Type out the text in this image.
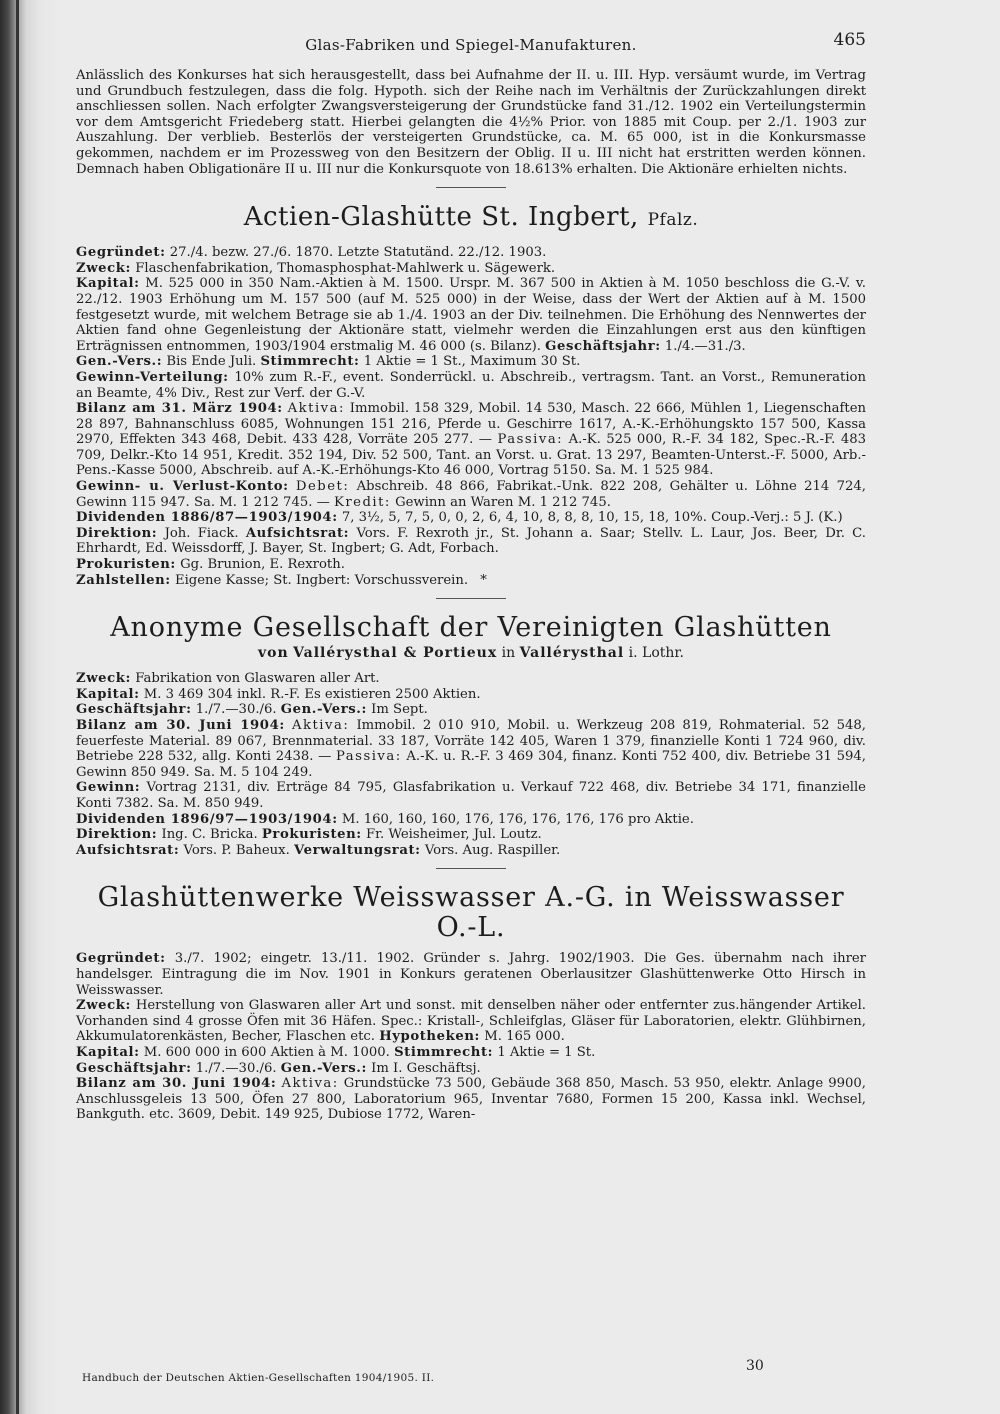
Glas-Fabriken und Spiegel-Manufakturen.	465

Anlässlich des Konkurses hat sich herausgestellt, dass bei Aufnahme der II. u. III. Hyp. versäumt wurde, im Vertrag und Grundbuch festzulegen, dass die folg. Hypoth. sich der Reihe nach im Verhältnis der Zurückzahlungen direkt anschliessen sollen. Nach erfolgter Zwangsversteigerung der Grundstücke fand 31./12. 1902 ein Verteilungstermin vor dem Amtsgericht Friedeberg statt. Hierbei gelangten die 4½% Prior. von 1885 mit Coup. per 2./1. 1903 zur Auszahlung. Der verblieb. Besterlös der versteigerten Grundstücke, ca. M. 65 000, ist in die Konkursmasse gekommen, nachdem er im Prozessweg von den Besitzern der Oblig. II u. III nicht hat erstritten werden können. Demnach haben Obligationäre II u. III nur die Konkursquote von 18.613% erhalten. Die Aktionäre erhielten nichts.

Actien-Glashütte St. Ingbert, Pfalz.

Gegründet: 27./4. bezw. 27./6. 1870. Letzte Statutänd. 22./12. 1903.

Zweck: Flaschenfabrikation, Thomasphosphat-Mahlwerk u. Sägewerk.

Kapital: M. 525 000 in 350 Nam.-Aktien à M. 1500. Urspr. M. 367 500 in Aktien à M. 1050 beschloss die G.-V. v. 22./12. 1903 Erhöhung um M. 157 500 (auf M. 525 000) in der Weise, dass der Wert der Aktien auf à M. 1500 festgesetzt wurde, mit welchem Betrage sie ab 1./4. 1903 an der Div. teilnehmen. Die Erhöhung des Nennwertes der Aktien fand ohne Gegenleistung der Aktionäre statt, vielmehr werden die Einzahlungen erst aus den künftigen Erträgnissen entnommen, 1903/1904 erstmalig M. 46 000 (s. Bilanz). Geschäftsjahr: 1./4.—31./3.

Gen.-Vers.: Bis Ende Juli. Stimmrecht: 1 Aktie = 1 St., Maximum 30 St.

Gewinn-Verteilung: 10% zum R.-F., event. Sonderrückl. u. Abschreib., vertragsm. Tant. an Vorst., Remuneration an Beamte, 4% Div., Rest zur Verf. der G.-V.

Bilanz am 31. März 1904: Aktiva: Immobil. 158 329, Mobil. 14 530, Masch. 22 666, Mühlen 1, Liegenschaften 28 897, Bahnanschluss 6085, Wohnungen 151 216, Pferde u. Geschirre 1617, A.-K.-Erhöhungskto 157 500, Kassa 2970, Effekten 343 468, Debit. 433 428, Vorräte 205 277. — Passiva: A.-K. 525 000, R.-F. 34 182, Spec.-R.-F. 483 709, Delkr.-Kto 14 951, Kredit. 352 194, Div. 52 500, Tant. an Vorst. u. Grat. 13 297, Beamten-Unterst.-F. 5000, Arb.-Pens.-Kasse 5000, Abschreib. auf A.-K.-Erhöhungs-Kto 46 000, Vortrag 5150. Sa. M. 1 525 984.

Gewinn- u. Verlust-Konto: Debet: Abschreib. 48 866, Fabrikat.-Unk. 822 208, Gehälter u. Löhne 214 724, Gewinn 115 947. Sa. M. 1 212 745. — Kredit: Gewinn an Waren M. 1 212 745.

Dividenden 1886/87—1903/1904: 7, 3½, 5, 7, 5, 0, 0, 2, 6, 4, 10, 8, 8, 8, 10, 15, 18, 10%. Coup.-Verj.: 5 J. (K.)

Direktion: Joh. Fiack. Aufsichtsrat: Vors. F. Rexroth jr., St. Johann a. Saar; Stellv. L. Laur, Jos. Beer, Dr. C. Ehrhardt, Ed. Weissdorff, J. Bayer, St. Ingbert; G. Adt, Forbach.

Prokuristen: Gg. Brunion, E. Rexroth.

Zahlstellen: Eigene Kasse; St. Ingbert: Vorschussverein. *

Anonyme Gesellschaft der Vereinigten Glashütten
von Vallérysthal & Portieux in Vallérysthal i. Lothr.

Zweck: Fabrikation von Glaswaren aller Art.

Kapital: M. 3 469 304 inkl. R.-F. Es existieren 2500 Aktien.

Geschäftsjahr: 1./7.—30./6. Gen.-Vers.: Im Sept.

Bilanz am 30. Juni 1904: Aktiva: Immobil. 2 010 910, Mobil. u. Werkzeug 208 819, Rohmaterial. 52 548, feuerfeste Material. 89 067, Brennmaterial. 33 187, Vorräte 142 405, Waren 1 379, finanzielle Konti 1 724 960, div. Betriebe 228 532, allg. Konti 2438. — Passiva: A.-K. u. R.-F. 3 469 304, finanz. Konti 752 400, div. Betriebe 31 594, Gewinn 850 949. Sa. M. 5 104 249.

Gewinn: Vortrag 2131, div. Erträge 84 795, Glasfabrikation u. Verkauf 722 468, div. Betriebe 34 171, finanzielle Konti 7382. Sa. M. 850 949.

Dividenden 1896/97—1903/1904: M. 160, 160, 160, 176, 176, 176, 176, 176 pro Aktie.

Direktion: Ing. C. Bricka. Prokuristen: Fr. Weisheimer, Jul. Loutz.

Aufsichtsrat: Vors. P. Baheux. Verwaltungsrat: Vors. Aug. Raspiller.

Glashüttenwerke Weisswasser A.-G. in Weisswasser O.-L.

Gegründet: 3./7. 1902; eingetr. 13./11. 1902. Gründer s. Jahrg. 1902/1903. Die Ges. übernahm nach ihrer handelsger. Eintragung die im Nov. 1901 in Konkurs geratenen Oberlausitzer Glashüttenwerke Otto Hirsch in Weisswasser.

Zweck: Herstellung von Glaswaren aller Art und sonst. mit denselben näher oder entfernter zus.hängender Artikel. Vorhanden sind 4 grosse Öfen mit 36 Häfen. Spec.: Kristall-, Schleifglas, Gläser für Laboratorien, elektr. Glühbirnen, Akkumulatorenkästen, Becher, Flaschen etc. Hypotheken: M. 165 000.

Kapital: M. 600 000 in 600 Aktien à M. 1000. Stimmrecht: 1 Aktie = 1 St.

Geschäftsjahr: 1./7.—30./6. Gen.-Vers.: Im I. Geschäftsj.

Bilanz am 30. Juni 1904: Aktiva: Grundstücke 73 500, Gebäude 368 850, Masch. 53 950, elektr. Anlage 9900, Anschlussgeleis 13 500, Öfen 27 800, Laboratorium 965, Inventar 7680, Formen 15 200, Kassa inkl. Wechsel, Bankguth. etc. 3609, Debit. 149 925, Dubiose 1772, Waren-

Handbuch der Deutschen Aktien-Gesellschaften 1904/1905. II.
30
